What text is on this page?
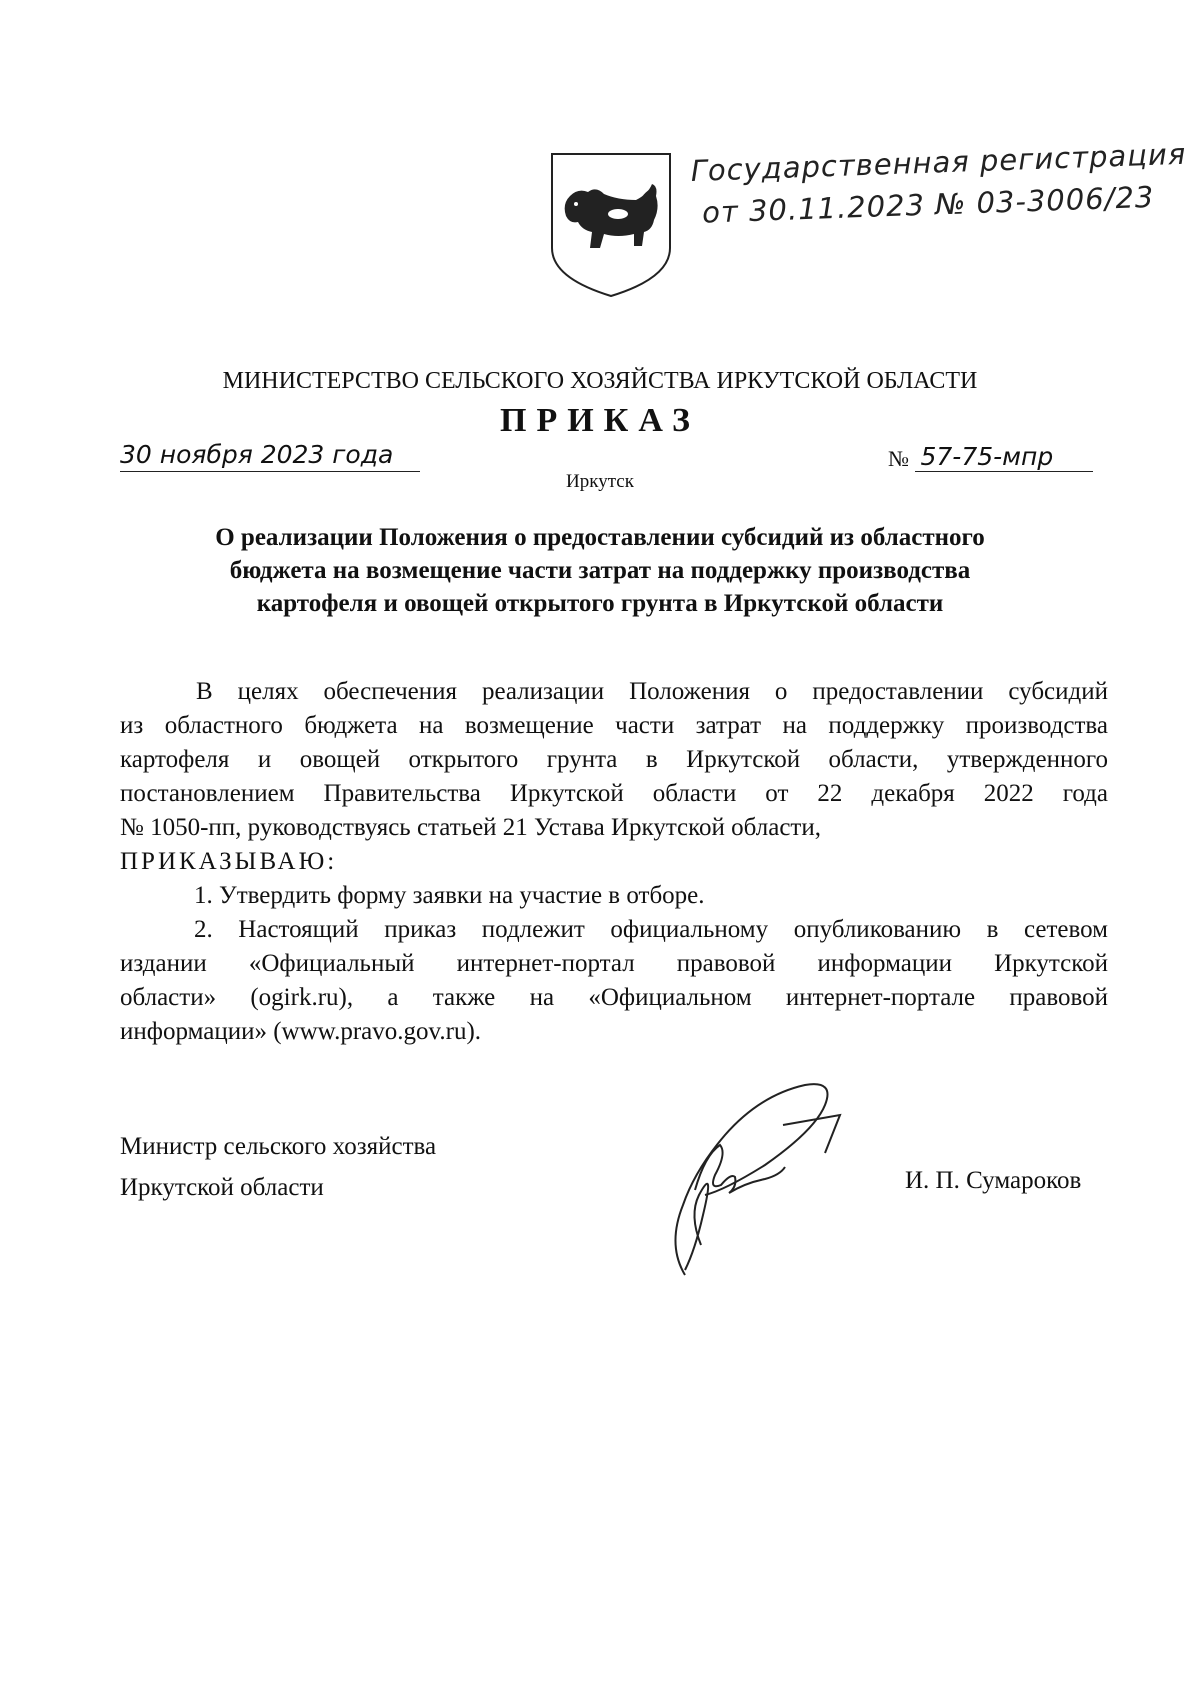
Государственная регистрация
от 30.11.2023 № 03-3006/23
МИНИСТЕРСТВО СЕЛЬСКОГО ХОЗЯЙСТВА ИРКУТСКОЙ ОБЛАСТИ
ПРИКАЗ
30 ноября 2023 года	№ 57-75-мпр
Иркутск
О реализации Положения о предоставлении субсидий из областного
бюджета на возмещение части затрат на поддержку производства
картофеля и овощей открытого грунта в Иркутской области
В целях обеспечения реализации Положения о предоставлении субсидий
из областного бюджета на возмещение части затрат на поддержку производства
картофеля и овощей открытого грунта в Иркутской области, утвержденного
постановлением Правительства Иркутской области от 22 декабря 2022 года
№ 1050-пп, руководствуясь статьей 21 Устава Иркутской области,
ПРИКАЗЫВАЮ:
1. Утвердить форму заявки на участие в отборе.
2. Настоящий приказ подлежит официальному опубликованию в сетевом
издании «Официальный интернет-портал правовой информации Иркутской
области» (ogirk.ru), а также на «Официальном интернет-портале правовой
информации» (www.pravo.gov.ru).
Министр сельского хозяйства
Иркутской области	И. П. Сумароков
